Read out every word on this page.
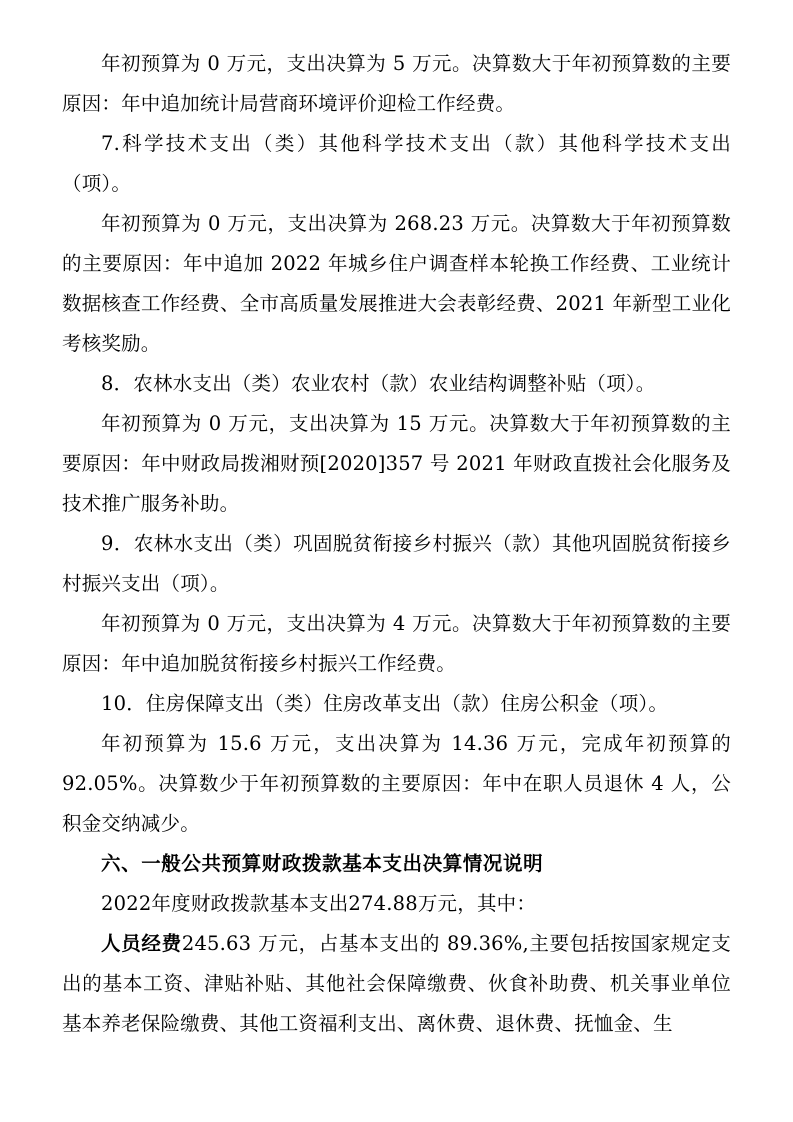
年初预算为 0 万元，支出决算为 5 万元。决算数大于年初预算数的主要原因：年中追加统计局营商环境评价迎检工作经费。

7.科学技术支出（类）其他科学技术支出（款）其他科学技术支出（项）。

年初预算为 0 万元，支出决算为 268.23 万元。决算数大于年初预算数的主要原因：年中追加 2022 年城乡住户调查样本轮换工作经费、工业统计数据核查工作经费、全市高质量发展推进大会表彰经费、2021 年新型工业化考核奖励。

8．农林水支出（类）农业农村（款）农业结构调整补贴（项）。

年初预算为 0 万元，支出决算为 15 万元。决算数大于年初预算数的主要原因：年中财政局拨湘财预[2020]357 号 2021 年财政直拨社会化服务及技术推广服务补助。

9．农林水支出（类）巩固脱贫衔接乡村振兴（款）其他巩固脱贫衔接乡村振兴支出（项）。

年初预算为 0 万元，支出决算为 4 万元。决算数大于年初预算数的主要原因：年中追加脱贫衔接乡村振兴工作经费。

10．住房保障支出（类）住房改革支出（款）住房公积金（项）。

年初预算为 15.6 万元，支出决算为 14.36 万元，完成年初预算的 92.05%。决算数少于年初预算数的主要原因：年中在职人员退休 4 人，公积金交纳减少。

六、一般公共预算财政拨款基本支出决算情况说明

2022年度财政拨款基本支出274.88万元，其中：

人员经费245.63 万元，占基本支出的 89.36%,主要包括按国家规定支出的基本工资、津贴补贴、其他社会保障缴费、伙食补助费、机关事业单位基本养老保险缴费、其他工资福利支出、离休费、退休费、抚恤金、生
